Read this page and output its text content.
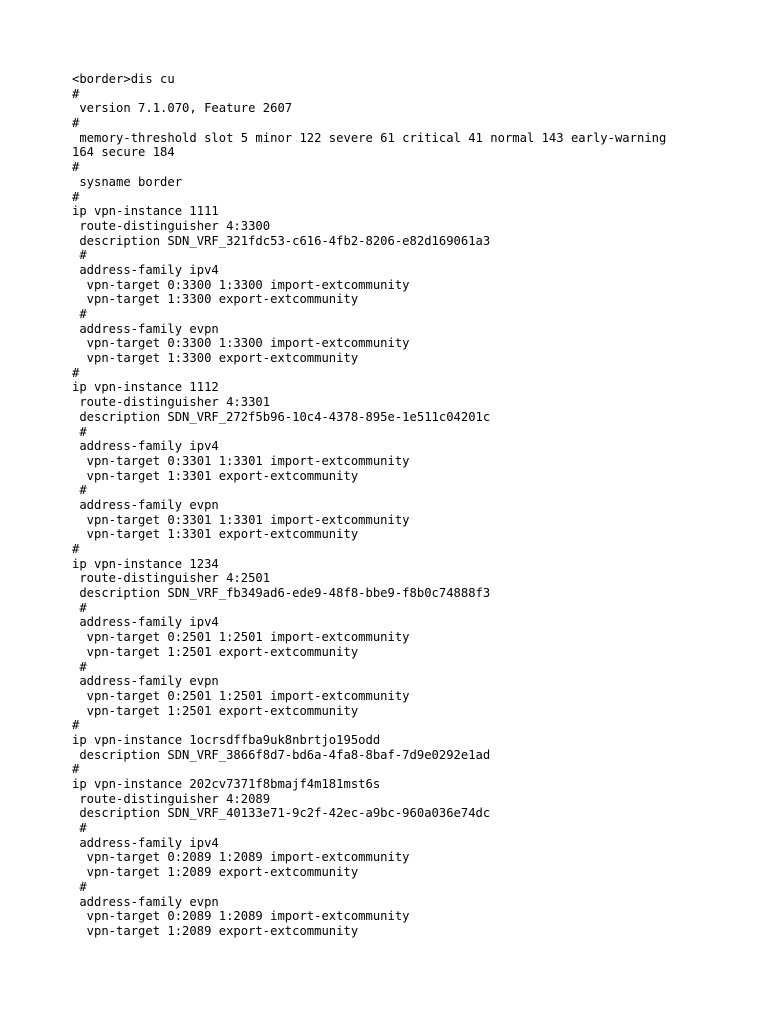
<border>dis cu
#
version 7.1.070, Feature 2607
#
memory-threshold slot 5 minor 122 severe 61 critical 41 normal 143 early-warning
164 secure 184
#
sysname border
#
ip vpn-instance 1111
route-distinguisher 4:3300
description SDN_VRF_321fdc53-c616-4fb2-8206-e82d169061a3
#
address-family ipv4
vpn-target 0:3300 1:3300 import-extcommunity
vpn-target 1:3300 export-extcommunity
#
address-family evpn
vpn-target 0:3300 1:3300 import-extcommunity
vpn-target 1:3300 export-extcommunity
#
ip vpn-instance 1112
route-distinguisher 4:3301
description SDN_VRF_272f5b96-10c4-4378-895e-1e511c04201c
#
address-family ipv4
vpn-target 0:3301 1:3301 import-extcommunity
vpn-target 1:3301 export-extcommunity
#
address-family evpn
vpn-target 0:3301 1:3301 import-extcommunity
vpn-target 1:3301 export-extcommunity
#
ip vpn-instance 1234
route-distinguisher 4:2501
description SDN_VRF_fb349ad6-ede9-48f8-bbe9-f8b0c74888f3
#
address-family ipv4
vpn-target 0:2501 1:2501 import-extcommunity
vpn-target 1:2501 export-extcommunity
#
address-family evpn
vpn-target 0:2501 1:2501 import-extcommunity
vpn-target 1:2501 export-extcommunity
#
ip vpn-instance 1ocrsdffba9uk8nbrtjo195odd
description SDN_VRF_3866f8d7-bd6a-4fa8-8baf-7d9e0292e1ad
#
ip vpn-instance 202cv7371f8bmajf4m181mst6s
route-distinguisher 4:2089
description SDN_VRF_40133e71-9c2f-42ec-a9bc-960a036e74dc
#
address-family ipv4
vpn-target 0:2089 1:2089 import-extcommunity
vpn-target 1:2089 export-extcommunity
#
address-family evpn
vpn-target 0:2089 1:2089 import-extcommunity
vpn-target 1:2089 export-extcommunity
